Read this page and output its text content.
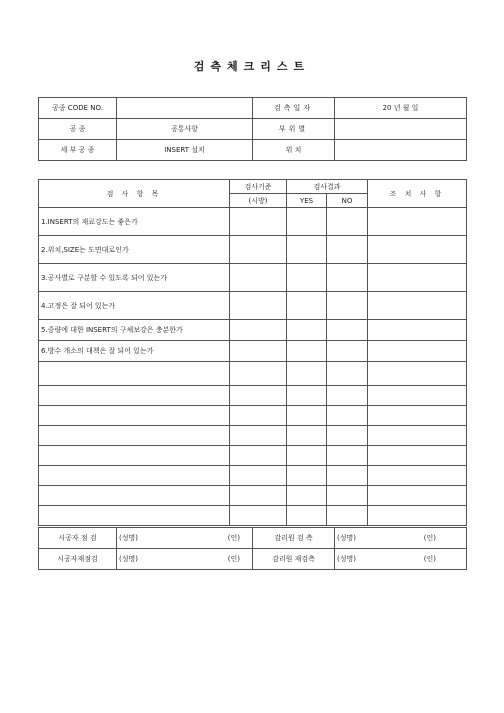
검측체크리스트
공종 CODE NO.		검측일자	20 년 월 일
공 종	공통사항	부위별	
세 부 공 종	INSERT 설치	위 치	
검 사 항 목	검사기준	검사결과		조 치 사 항
	(시방)	YES	NO	
1.INSERT의 재료강도는 좋은가				
2.위치,SIZE는 도면대로인가				
3.공사별로 구분할 수 있도록 되어 있는가				
4.고정은 잘 되어 있는가				
5.중량에 대한 INSERT의 구체보강은 충분한가				
6.방수 개소의 대책은 잘 되어 있는가				

시공자 점 검	(성명)	(인)	감리원 검 측	(성명)	(인)
시공자재점검	(성명)	(인)	감리원 재검측	(성명)	(인)
